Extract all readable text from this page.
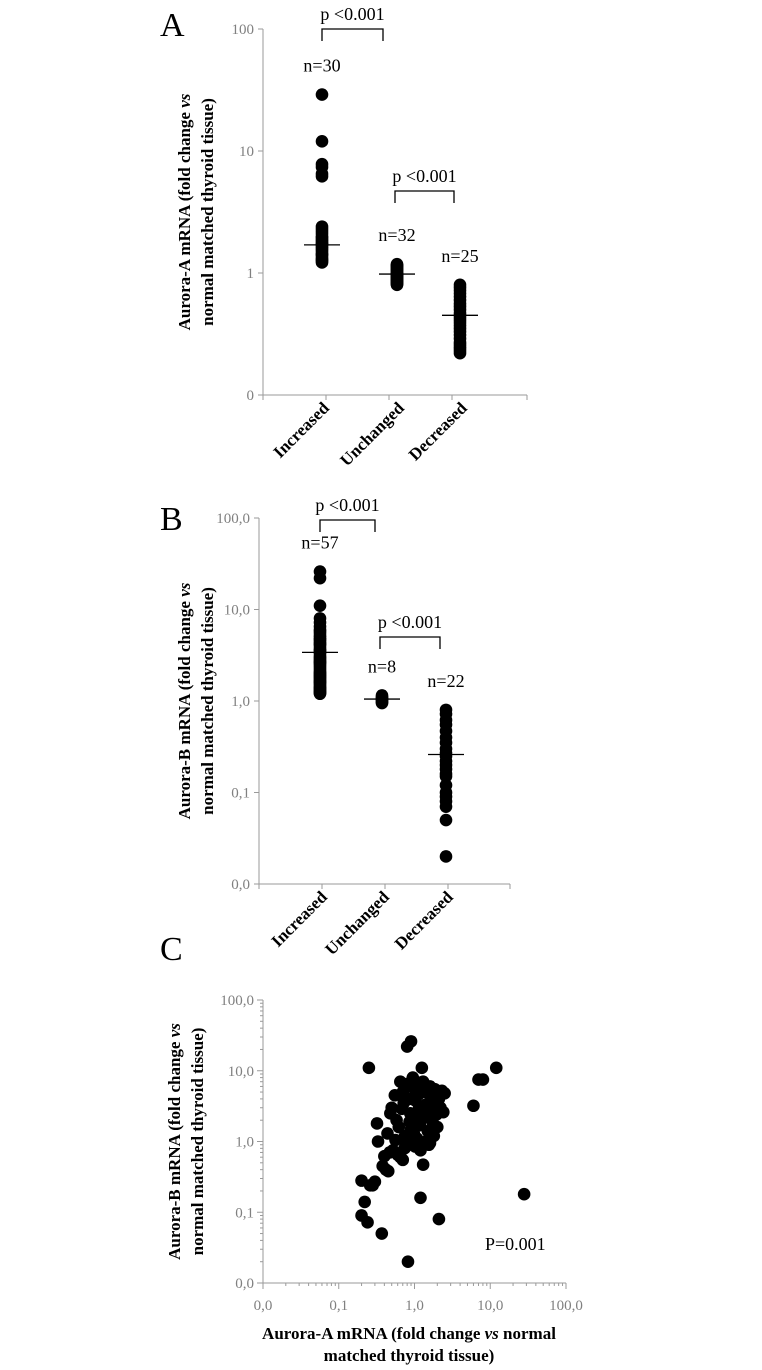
A	100
10
1
0
Increased Unchanged
Decreased
Aurora-A mRNA (fold change vs normal matched thyroid tissue)
n=30
n=32
n=25
p <0.001
p <0.001
B 100,0
10,0
1,0
0,1
0,0
Increased
Unchanged
Decreased
Aurora-B mRNA (fold change vs normal matched thyroid tissue)
n=57
n=8
n=22
p <0.001
p <0.001
C
0,0
0,1
1,0
10,0
100,0
0,0	0,1	1,0	10,0	100,0
Aurora-B mRNA (fold change vs normal matched thyroid tissue)
Aurora-A mRNA (fold change vs normal
matched thyroid tissue)
P=0.001
